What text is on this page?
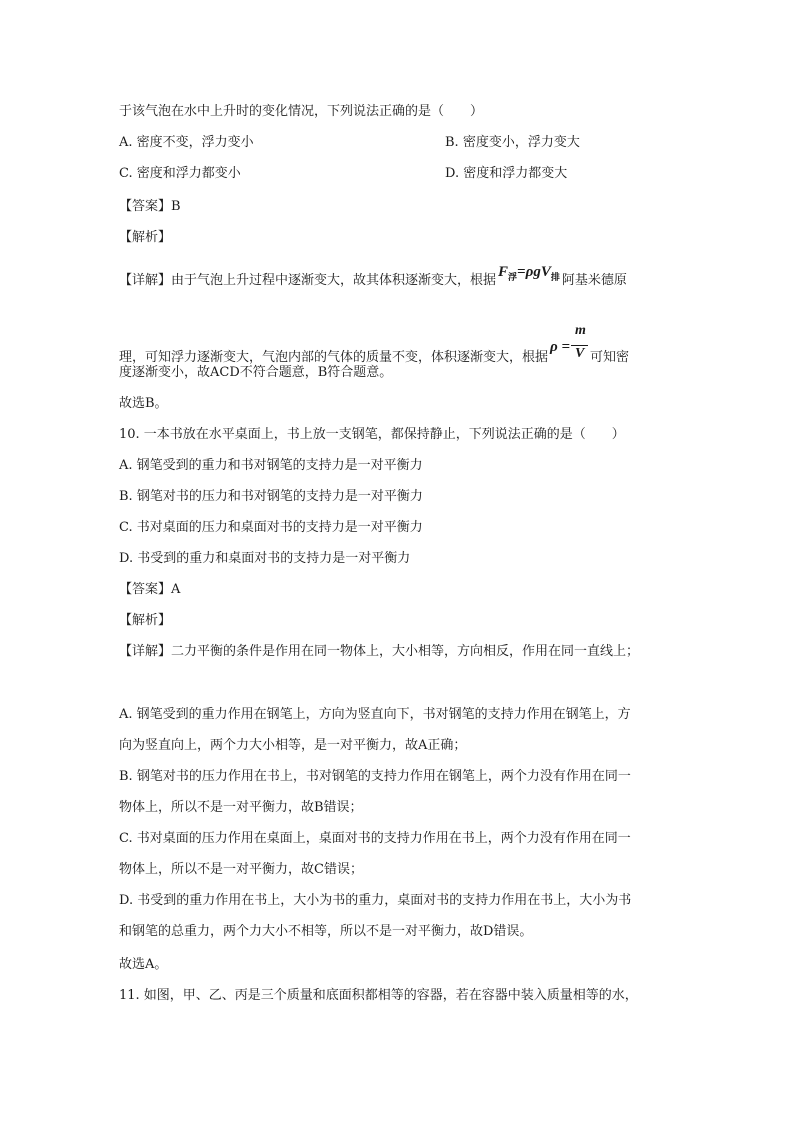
于该气泡在水中上升时的变化情况，下列说法正确的是（　　）
A. 密度不变，浮力变小	B. 密度变小，浮力变大
C. 密度和浮力都变小	D. 密度和浮力都变大
【答案】B
【解析】
【详解】由于气泡上升过程中逐渐变大，故其体积逐渐变大，根据$F_浮=\rho gV_排$ 阿基米德原
理，可知浮力逐渐变大，气泡内部的气体的质量不变，体积逐渐变大，根据
ρ =
m
V 可知密
度逐渐变小，故ACD不符合题意，B符合题意。
故选B。
10. 一本书放在水平桌面上，书上放一支钢笔，都保持静止，下列说法正确的是（　　）
A. 钢笔受到的重力和书对钢笔的支持力是一对平衡力
B. 钢笔对书的压力和书对钢笔的支持力是一对平衡力
C. 书对桌面的压力和桌面对书的支持力是一对平衡力
D. 书受到的重力和桌面对书的支持力是一对平衡力
【答案】A
【解析】
【详解】二力平衡的条件是作用在同一物体上，大小相等，方向相反，作用在同一直线上；
A. 钢笔受到的重力作用在钢笔上，方向为竖直向下，书对钢笔的支持力作用在钢笔上，方
向为竖直向上，两个力大小相等，是一对平衡力，故A正确；
B. 钢笔对书的压力作用在书上，书对钢笔的支持力作用在钢笔上，两个力没有作用在同一
物体上，所以不是一对平衡力，故B错误；
C. 书对桌面的压力作用在桌面上，桌面对书的支持力作用在书上，两个力没有作用在同一
物体上，所以不是一对平衡力，故C错误；
D. 书受到的重力作用在书上，大小为书的重力，桌面对书的支持力作用在书上，大小为书
和钢笔的总重力，两个力大小不相等，所以不是一对平衡力，故D错误。
故选A。
11. 如图，甲、乙、丙是三个质量和底面积都相等的容器，若在容器中装入质量相等的水，
